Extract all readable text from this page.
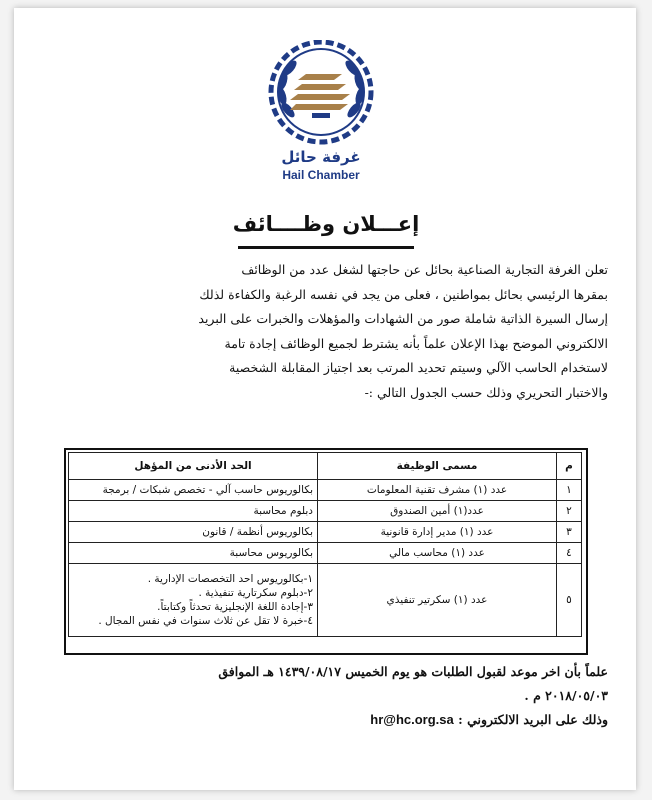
غرفة حائل
Hail Chamber
إعـــلان وظــــائف
تعلن الغرفة التجارية الصناعية بحائل عن حاجتها لشغل عدد من الوظائف
بمقرها الرئيسي بحائل بمواطنين ، فعلى من يجد في نفسه الرغبة والكفاءة لذلك
إرسال السيرة الذاتية شاملة صور من الشهادات والمؤهلات والخبرات على البريد
الالكتروني الموضح بهذا الإعلان علماً بأنه يشترط لجميع الوظائف إجادة تامة
لاستخدام الحاسب الآلي وسيتم تحديد المرتب بعد اجتياز المقابلة الشخصية
والاختبار التحريري وذلك حسب الجدول التالي :-
م	مسمى الوظيفة	الحد الأدنى من المؤهل
١	عدد (١) مشرف تقنية المعلومات	بكالوريوس حاسب آلي - تخصص شبكات / برمجة
٢	عدد(١) أمين الصندوق	دبلوم محاسبة
٣	عدد (١) مدير إدارة قانونية	بكالوريوس أنظمة / قانون
٤	عدد (١) محاسب مالي	بكالوريوس محاسبة
٥	عدد (١) سكرتير تنفيذي	١-بكالوريوس احد التخصصات الإدارية .
٢-دبلوم سكرتارية تنفيذية .
٣-إجادة اللغة الإنجليزية تحدثاً وكتابتاً.
٤-خبرة لا تقل عن ثلاث سنوات في نفس المجال .
علماً بأن اخر موعد لقبول الطلبات هو يوم الخميس ١٤٣٩/٠٨/١٧ هـ الموافق
٢٠١٨/٠٥/٠٣ م .
وذلك على البريد الالكتروني : hr@hc.org.sa
